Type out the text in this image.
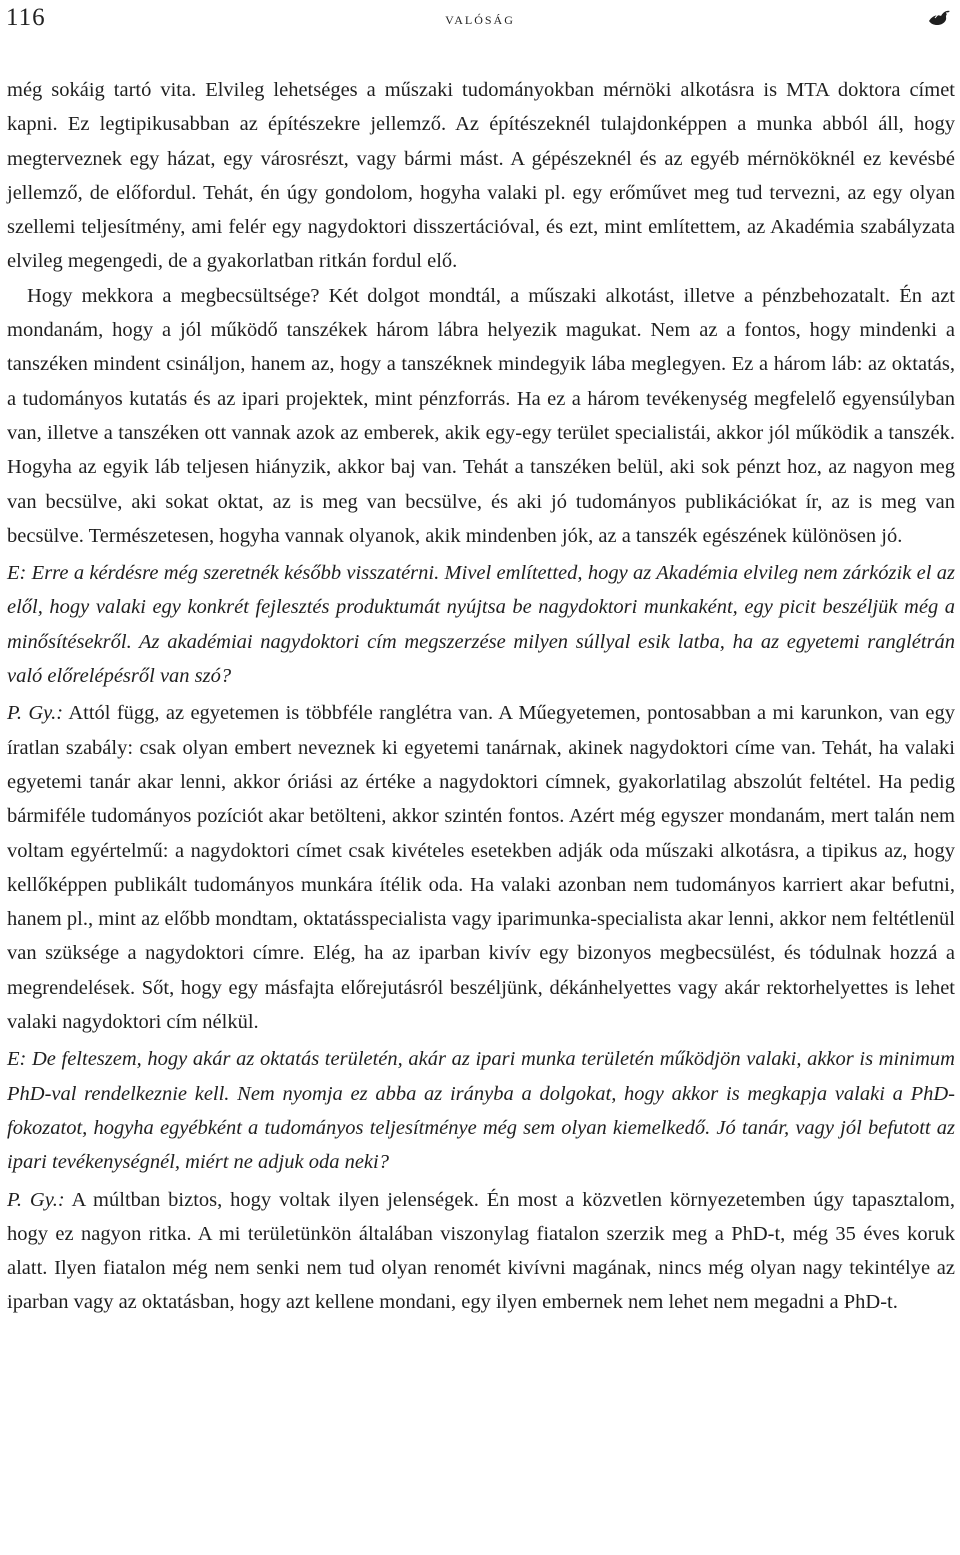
116	valóság

még sokáig tartó vita. Elvileg lehetséges a műszaki tudományokban mérnöki alkotásra is MTA doktora címet kapni. Ez legtipikusabban az építészekre jellemző. Az építészeknél tulajdonképpen a munka abból áll, hogy megterveznek egy házat, egy városrészt, vagy bármi mást. A gépészeknél és az egyéb mérnököknél ez kevésbé jellemző, de előfordul. Tehát, én úgy gondolom, hogyha valaki pl. egy erőművet meg tud tervezni, az egy olyan szellemi teljesítmény, ami felér egy nagydoktori disszertációval, és ezt, mint említettem, az Akadémia szabályzata elvileg megengedi, de a gyakorlatban ritkán fordul elő.

Hogy mekkora a megbecsültsége? Két dolgot mondtál, a műszaki alkotást, illetve a pénzbehozatalt. Én azt mondanám, hogy a jól működő tanszékek három lábra helyezik magukat. Nem az a fontos, hogy mindenki a tanszéken mindent csináljon, hanem az, hogy a tanszéknek mindegyik lába meglegyen. Ez a három láb: az oktatás, a tudományos kutatás és az ipari projektek, mint pénzforrás. Ha ez a három tevékenység megfelelő egyensúlyban van, illetve a tanszéken ott vannak azok az emberek, akik egy-egy terület specialistái, akkor jól működik a tanszék. Hogyha az egyik láb teljesen hiányzik, akkor baj van. Tehát a tanszéken belül, aki sok pénzt hoz, az nagyon meg van becsülve, aki sokat oktat, az is meg van becsülve, és aki jó tudományos publikációkat ír, az is meg van becsülve. Természetesen, hogyha vannak olyanok, akik mindenben jók, az a tanszék egészének különösen jó.

E: Erre a kérdésre még szeretnék később visszatérni. Mivel említetted, hogy az Akadémia elvileg nem zárkózik el az elől, hogy valaki egy konkrét fejlesztés produktumát nyújtsa be nagydoktori munkaként, egy picit beszéljük még a minősítésekről. Az akadémiai nagydoktori cím megszerzése milyen súllyal esik latba, ha az egyetemi ranglétrán való előrelépésről van szó?

P. Gy.: Attól függ, az egyetemen is többféle ranglétra van. A Műegyetemen, pontosabban a mi karunkon, van egy íratlan szabály: csak olyan embert neveznek ki egyetemi tanárnak, akinek nagydoktori címe van. Tehát, ha valaki egyetemi tanár akar lenni, akkor óriási az értéke a nagydoktori címnek, gyakorlatilag abszolút feltétel. Ha pedig bármiféle tudományos pozíciót akar betölteni, akkor szintén fontos. Azért még egyszer mondanám, mert talán nem voltam egyértelmű: a nagydoktori címet csak kivételes esetekben adják oda műszaki alkotásra, a tipikus az, hogy kellőképpen publikált tudományos munkára ítélik oda. Ha valaki azonban nem tudományos karriert akar befutni, hanem pl., mint az előbb mondtam, oktatásspecialista vagy iparimunka-specialista akar lenni, akkor nem feltétlenül van szüksége a nagydoktori címre. Elég, ha az iparban kivív egy bizonyos megbecsülést, és tódulnak hozzá a megrendelések. Sőt, hogy egy másfajta előrejutásról beszéljünk, dékánhelyettes vagy akár rektorhelyettes is lehet valaki nagydoktori cím nélkül.

E: De felteszem, hogy akár az oktatás területén, akár az ipari munka területén működjön valaki, akkor is minimum PhD-val rendelkeznie kell. Nem nyomja ez abba az irányba a dolgokat, hogy akkor is megkapja valaki a PhD-fokozatot, hogyha egyébként a tudományos teljesítménye még sem olyan kiemelkedő. Jó tanár, vagy jól befutott az ipari tevékenységnél, miért ne adjuk oda neki?

P. Gy.: A múltban biztos, hogy voltak ilyen jelenségek. Én most a közvetlen környezetemben úgy tapasztalom, hogy ez nagyon ritka. A mi területünkön általában viszonylag fiatalon szerzik meg a PhD-t, még 35 éves koruk alatt. Ilyen fiatalon még nem senki nem tud olyan renomét kivívni magának, nincs még olyan nagy tekintélye az iparban vagy az oktatásban, hogy azt kellene mondani, egy ilyen embernek nem lehet nem megadni a PhD-t.
